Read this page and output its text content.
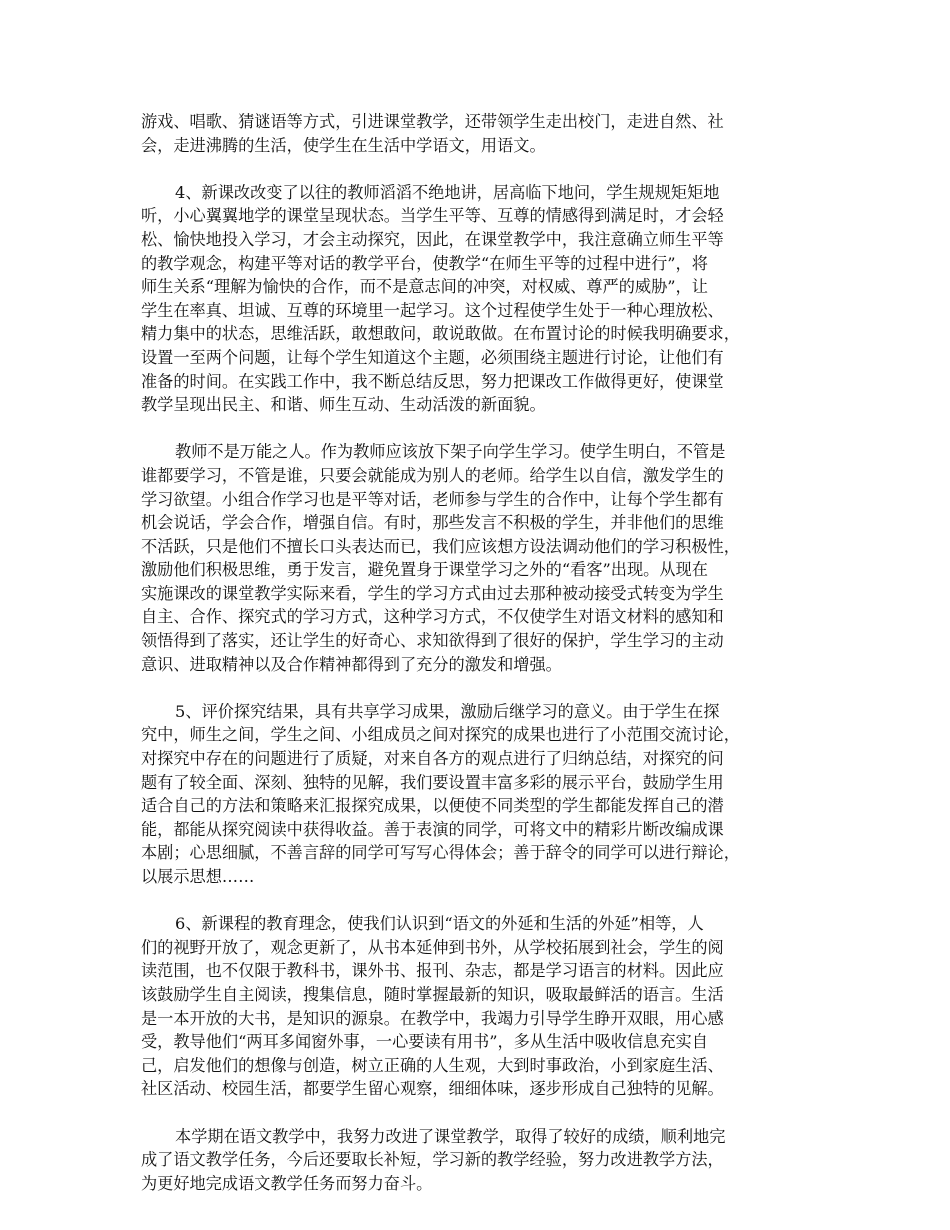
游戏、唱歌、猜谜语等方式，引进课堂教学，还带领学生走出校门，走进自然、社
会，走进沸腾的生活，使学生在生活中学语文，用语文。

4、新课改改变了以往的教师滔滔不绝地讲，居高临下地问，学生规规矩矩地
听，小心翼翼地学的课堂呈现状态。当学生平等、互尊的情感得到满足时，才会轻
松、愉快地投入学习，才会主动探究，因此，在课堂教学中，我注意确立师生平等
的教学观念，构建平等对话的教学平台，使教学“在师生平等的过程中进行”，将
师生关系“理解为愉快的合作，而不是意志间的冲突，对权威、尊严的威胁”，让
学生在率真、坦诚、互尊的环境里一起学习。这个过程使学生处于一种心理放松、
精力集中的状态，思维活跃，敢想敢问，敢说敢做。在布置讨论的时候我明确要求，
设置一至两个问题，让每个学生知道这个主题，必须围绕主题进行讨论，让他们有
准备的时间。在实践工作中，我不断总结反思，努力把课改工作做得更好，使课堂
教学呈现出民主、和谐、师生互动、生动活泼的新面貌。

教师不是万能之人。作为教师应该放下架子向学生学习。使学生明白，不管是
谁都要学习，不管是谁，只要会就能成为别人的老师。给学生以自信，激发学生的
学习欲望。小组合作学习也是平等对话，老师参与学生的合作中，让每个学生都有
机会说话，学会合作，增强自信。有时，那些发言不积极的学生，并非他们的思维
不活跃，只是他们不擅长口头表达而已，我们应该想方设法调动他们的学习积极性，
激励他们积极思维，勇于发言，避免置身于课堂学习之外的“看客”出现。从现在
实施课改的课堂教学实际来看，学生的学习方式由过去那种被动接受式转变为学生
自主、合作、探究式的学习方式，这种学习方式，不仅使学生对语文材料的感知和
领悟得到了落实，还让学生的好奇心、求知欲得到了很好的保护，学生学习的主动
意识、进取精神以及合作精神都得到了充分的激发和增强。

5、评价探究结果，具有共享学习成果，激励后继学习的意义。由于学生在探
究中，师生之间，学生之间、小组成员之间对探究的成果也进行了小范围交流讨论，
对探究中存在的问题进行了质疑，对来自各方的观点进行了归纳总结，对探究的问
题有了较全面、深刻、独特的见解，我们要设置丰富多彩的展示平台，鼓励学生用
适合自己的方法和策略来汇报探究成果，以便使不同类型的学生都能发挥自己的潜
能，都能从探究阅读中获得收益。善于表演的同学，可将文中的精彩片断改编成课
本剧；心思细腻，不善言辞的同学可写写心得体会；善于辞令的同学可以进行辩论，
以展示思想……

6、新课程的教育理念，使我们认识到“语文的外延和生活的外延”相等，人
们的视野开放了，观念更新了，从书本延伸到书外，从学校拓展到社会，学生的阅
读范围，也不仅限于教科书，课外书、报刊、杂志，都是学习语言的材料。因此应
该鼓励学生自主阅读，搜集信息，随时掌握最新的知识，吸取最鲜活的语言。生活
是一本开放的大书，是知识的源泉。在教学中，我竭力引导学生睁开双眼，用心感
受，教导他们“两耳多闻窗外事，一心要读有用书”，多从生活中吸收信息充实自
己，启发他们的想像与创造，树立正确的人生观，大到时事政治，小到家庭生活、
社区活动、校园生活，都要学生留心观察，细细体味，逐步形成自己独特的见解。

本学期在语文教学中，我努力改进了课堂教学，取得了较好的成绩，顺利地完
成了语文教学任务，今后还要取长补短，学习新的教学经验，努力改进教学方法，
为更好地完成语文教学任务而努力奋斗。
